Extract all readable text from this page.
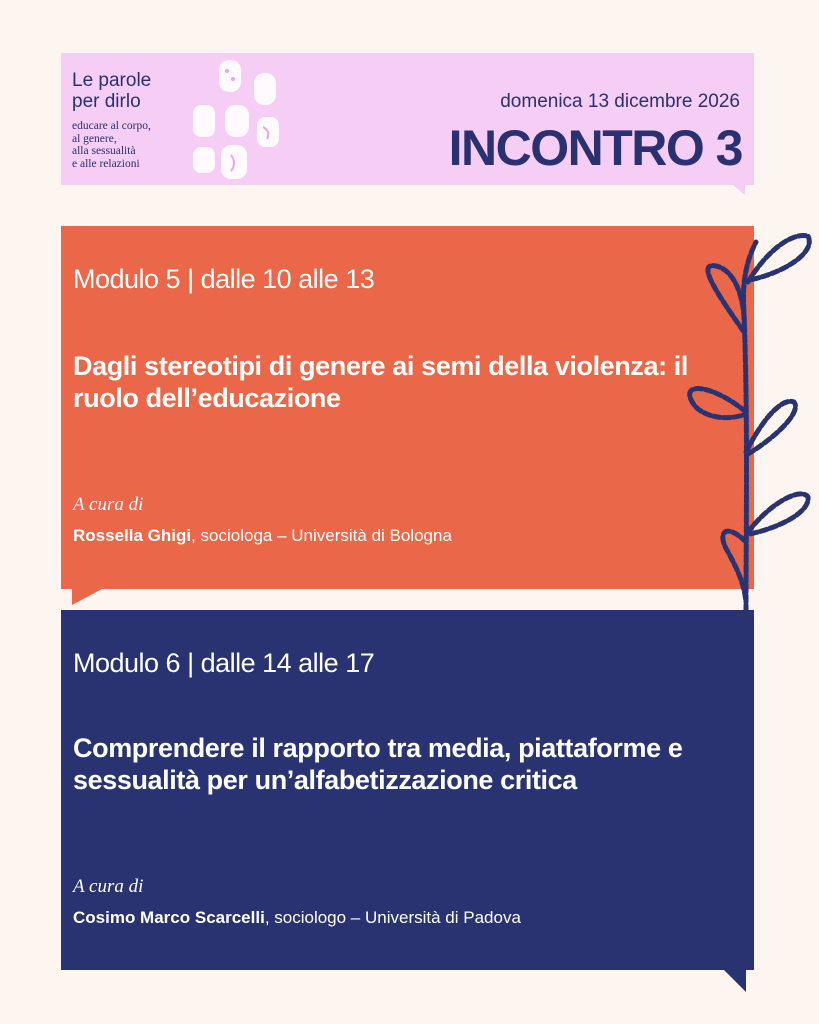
Le parole
per dirlo
educare al corpo,
al genere,
alla sessualità
e alle relazioni
domenica 13 dicembre 2026
INCONTRO 3
Modulo 5 | dalle 10 alle 13
Dagli stereotipi di genere ai semi della violenza: il ruolo dell’educazione
A cura di
Rossella Ghigi, sociologa – Università di Bologna
Modulo 6 | dalle 14 alle 17
Comprendere il rapporto tra media, piattaforme e sessualità per un’alfabetizzazione critica
A cura di
Cosimo Marco Scarcelli, sociologo – Università di Padova
